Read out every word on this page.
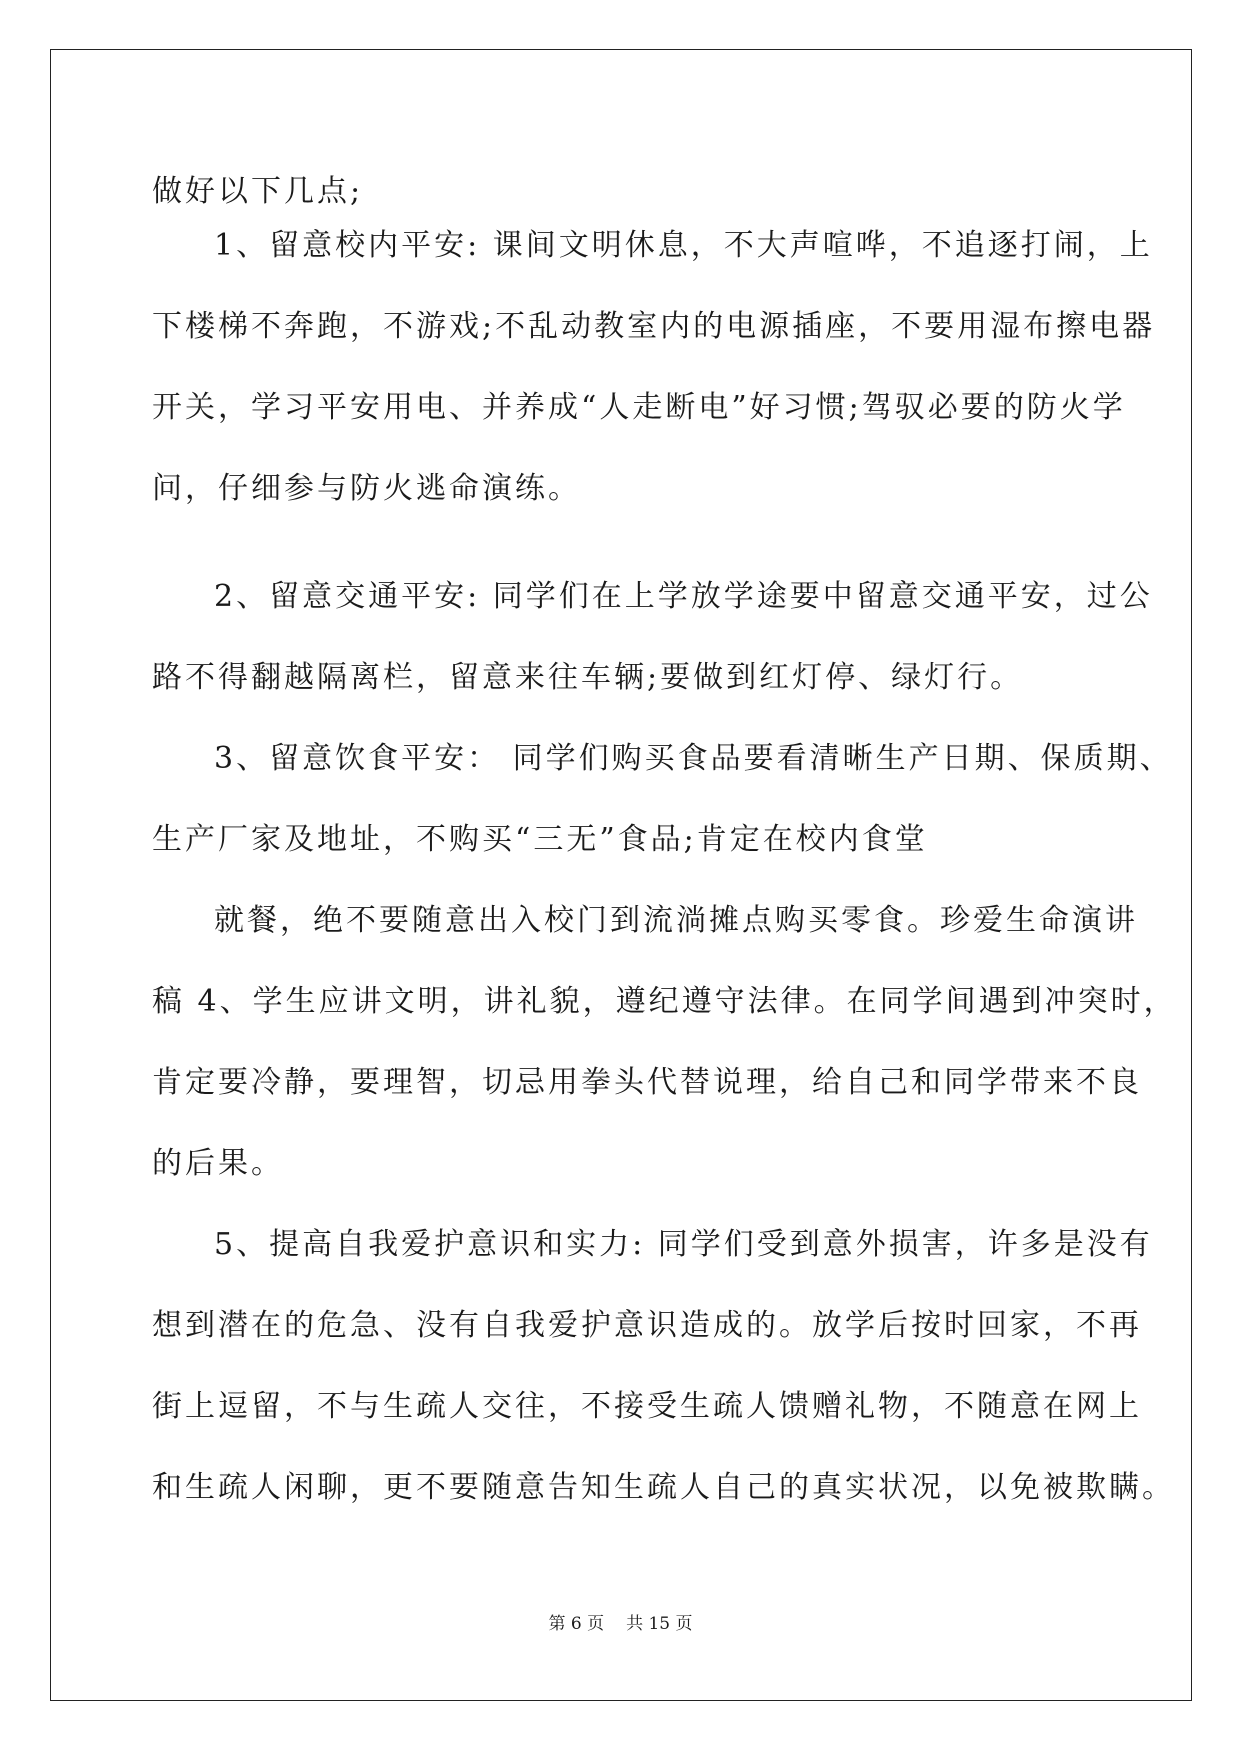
做好以下几点;
1、留意校内平安: 课间文明休息，不大声喧哗，不追逐打闹，上
下楼梯不奔跑，不游戏;不乱动教室内的电源插座，不要用湿布擦电器
开关，学习平安用电、并养成“人走断电”好习惯;驾驭必要的防火学
问，仔细参与防火逃命演练。
2、留意交通平安: 同学们在上学放学途要中留意交通平安，过公
路不得翻越隔离栏，留意来往车辆;要做到红灯停、绿灯行。
3、留意饮食平安： 同学们购买食品要看清晰生产日期、保质期、
生产厂家及地址，不购买“三无”食品;肯定在校内食堂
就餐，绝不要随意出入校门到流淌摊点购买零食。珍爱生命演讲
稿 4、学生应讲文明，讲礼貌，遵纪遵守法律。在同学间遇到冲突时，
肯定要冷静，要理智，切忌用拳头代替说理，给自己和同学带来不良
的后果。
5、提高自我爱护意识和实力: 同学们受到意外损害，许多是没有
想到潜在的危急、没有自我爱护意识造成的。放学后按时回家，不再
街上逗留，不与生疏人交往，不接受生疏人馈赠礼物，不随意在网上
和生疏人闲聊，更不要随意告知生疏人自己的真实状况，以免被欺瞒。
第 6 页 共 15 页
